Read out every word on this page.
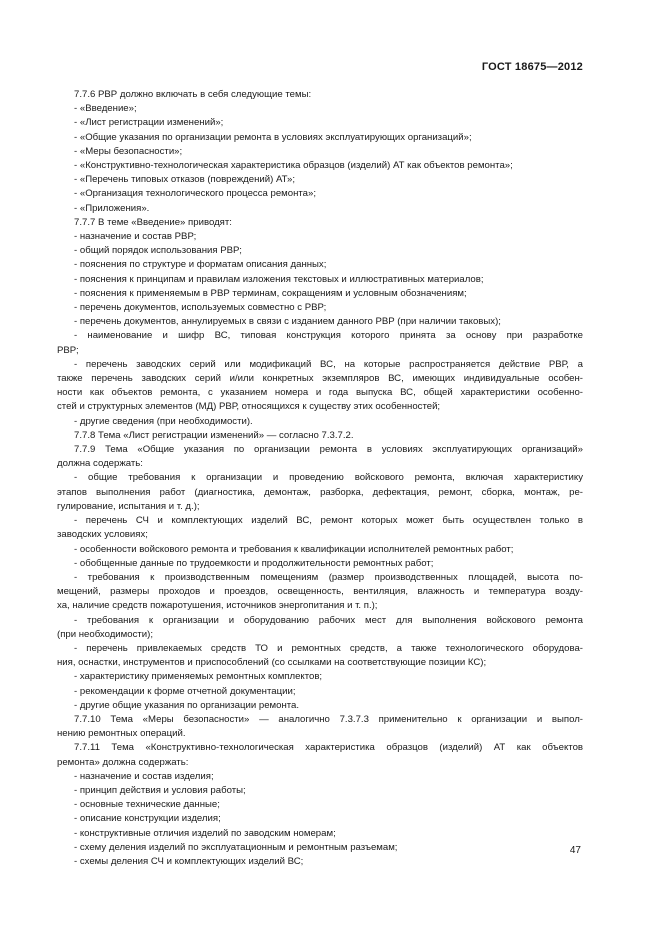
ГОСТ 18675—2012
7.7.6 РВР должно включать в себя следующие темы:
- «Введение»;
- «Лист регистрации изменений»;
- «Общие указания по организации ремонта в условиях эксплуатирующих организаций»;
- «Меры безопасности»;
- «Конструктивно-технологическая характеристика образцов (изделий) АТ как объектов ремонта»;
- «Перечень типовых отказов (повреждений) АТ»;
- «Организация технологического процесса ремонта»;
- «Приложения».
7.7.7 В теме «Введение» приводят:
- назначение и состав РВР;
- общий порядок использования РВР;
- пояснения по структуре и форматам описания данных;
- пояснения к принципам и правилам изложения текстовых и иллюстративных материалов;
- пояснения к применяемым в РВР терминам, сокращениям и условным обозначениям;
- перечень документов, используемых совместно с РВР;
- перечень документов, аннулируемых в связи с изданием данного РВР (при наличии таковых);
- наименование и шифр ВС, типовая конструкция которого принята за основу при разработке
РВР;
- перечень заводских серий или модификаций ВС, на которые распространяется действие РВР, а
также перечень заводских серий и/или конкретных экземпляров ВС, имеющих индивидуальные особен-
ности как объектов ремонта, с указанием номера и года выпуска ВС, общей характеристики особенно-
стей и структурных элементов (МД) РВР, относящихся к существу этих особенностей;
- другие сведения (при необходимости).
7.7.8 Тема «Лист регистрации изменений» — согласно 7.3.7.2.
7.7.9 Тема «Общие указания по организации ремонта в условиях эксплуатирующих организаций»
должна содержать:
- общие требования к организации и проведению войскового ремонта, включая характеристику
этапов выполнения работ (диагностика, демонтаж, разборка, дефектация, ремонт, сборка, монтаж, ре-
гулирование, испытания и т. д.);
- перечень СЧ и комплектующих изделий ВС, ремонт которых может быть осуществлен только в
заводских условиях;
- особенности войскового ремонта и требования к квалификации исполнителей ремонтных работ;
- обобщенные данные по трудоемкости и продолжительности ремонтных работ;
- требования к производственным помещениям (размер производственных площадей, высота по-
мещений, размеры проходов и проездов, освещенность, вентиляция, влажность и температура возду-
ха, наличие средств пожаротушения, источников энергопитания и т. п.);
- требования к организации и оборудованию рабочих мест для выполнения войскового ремонта
(при необходимости);
- перечень привлекаемых средств ТО и ремонтных средств, а также технологического оборудова-
ния, оснастки, инструментов и приспособлений (со ссылками на соответствующие позиции КС);
- характеристику применяемых ремонтных комплектов;
- рекомендации к форме отчетной документации;
- другие общие указания по организации ремонта.
7.7.10 Тема «Меры безопасности» — аналогично 7.3.7.3 применительно к организации и выпол-
нению ремонтных операций.
7.7.11 Тема «Конструктивно-технологическая характеристика образцов (изделий) АТ как объектов
ремонта» должна содержать:
- назначение и состав изделия;
- принцип действия и условия работы;
- основные технические данные;
- описание конструкции изделия;
- конструктивные отличия изделий по заводским номерам;
- схему деления изделий по эксплуатационным и ремонтным разъемам;
- схемы деления СЧ и комплектующих изделий ВС;
47
